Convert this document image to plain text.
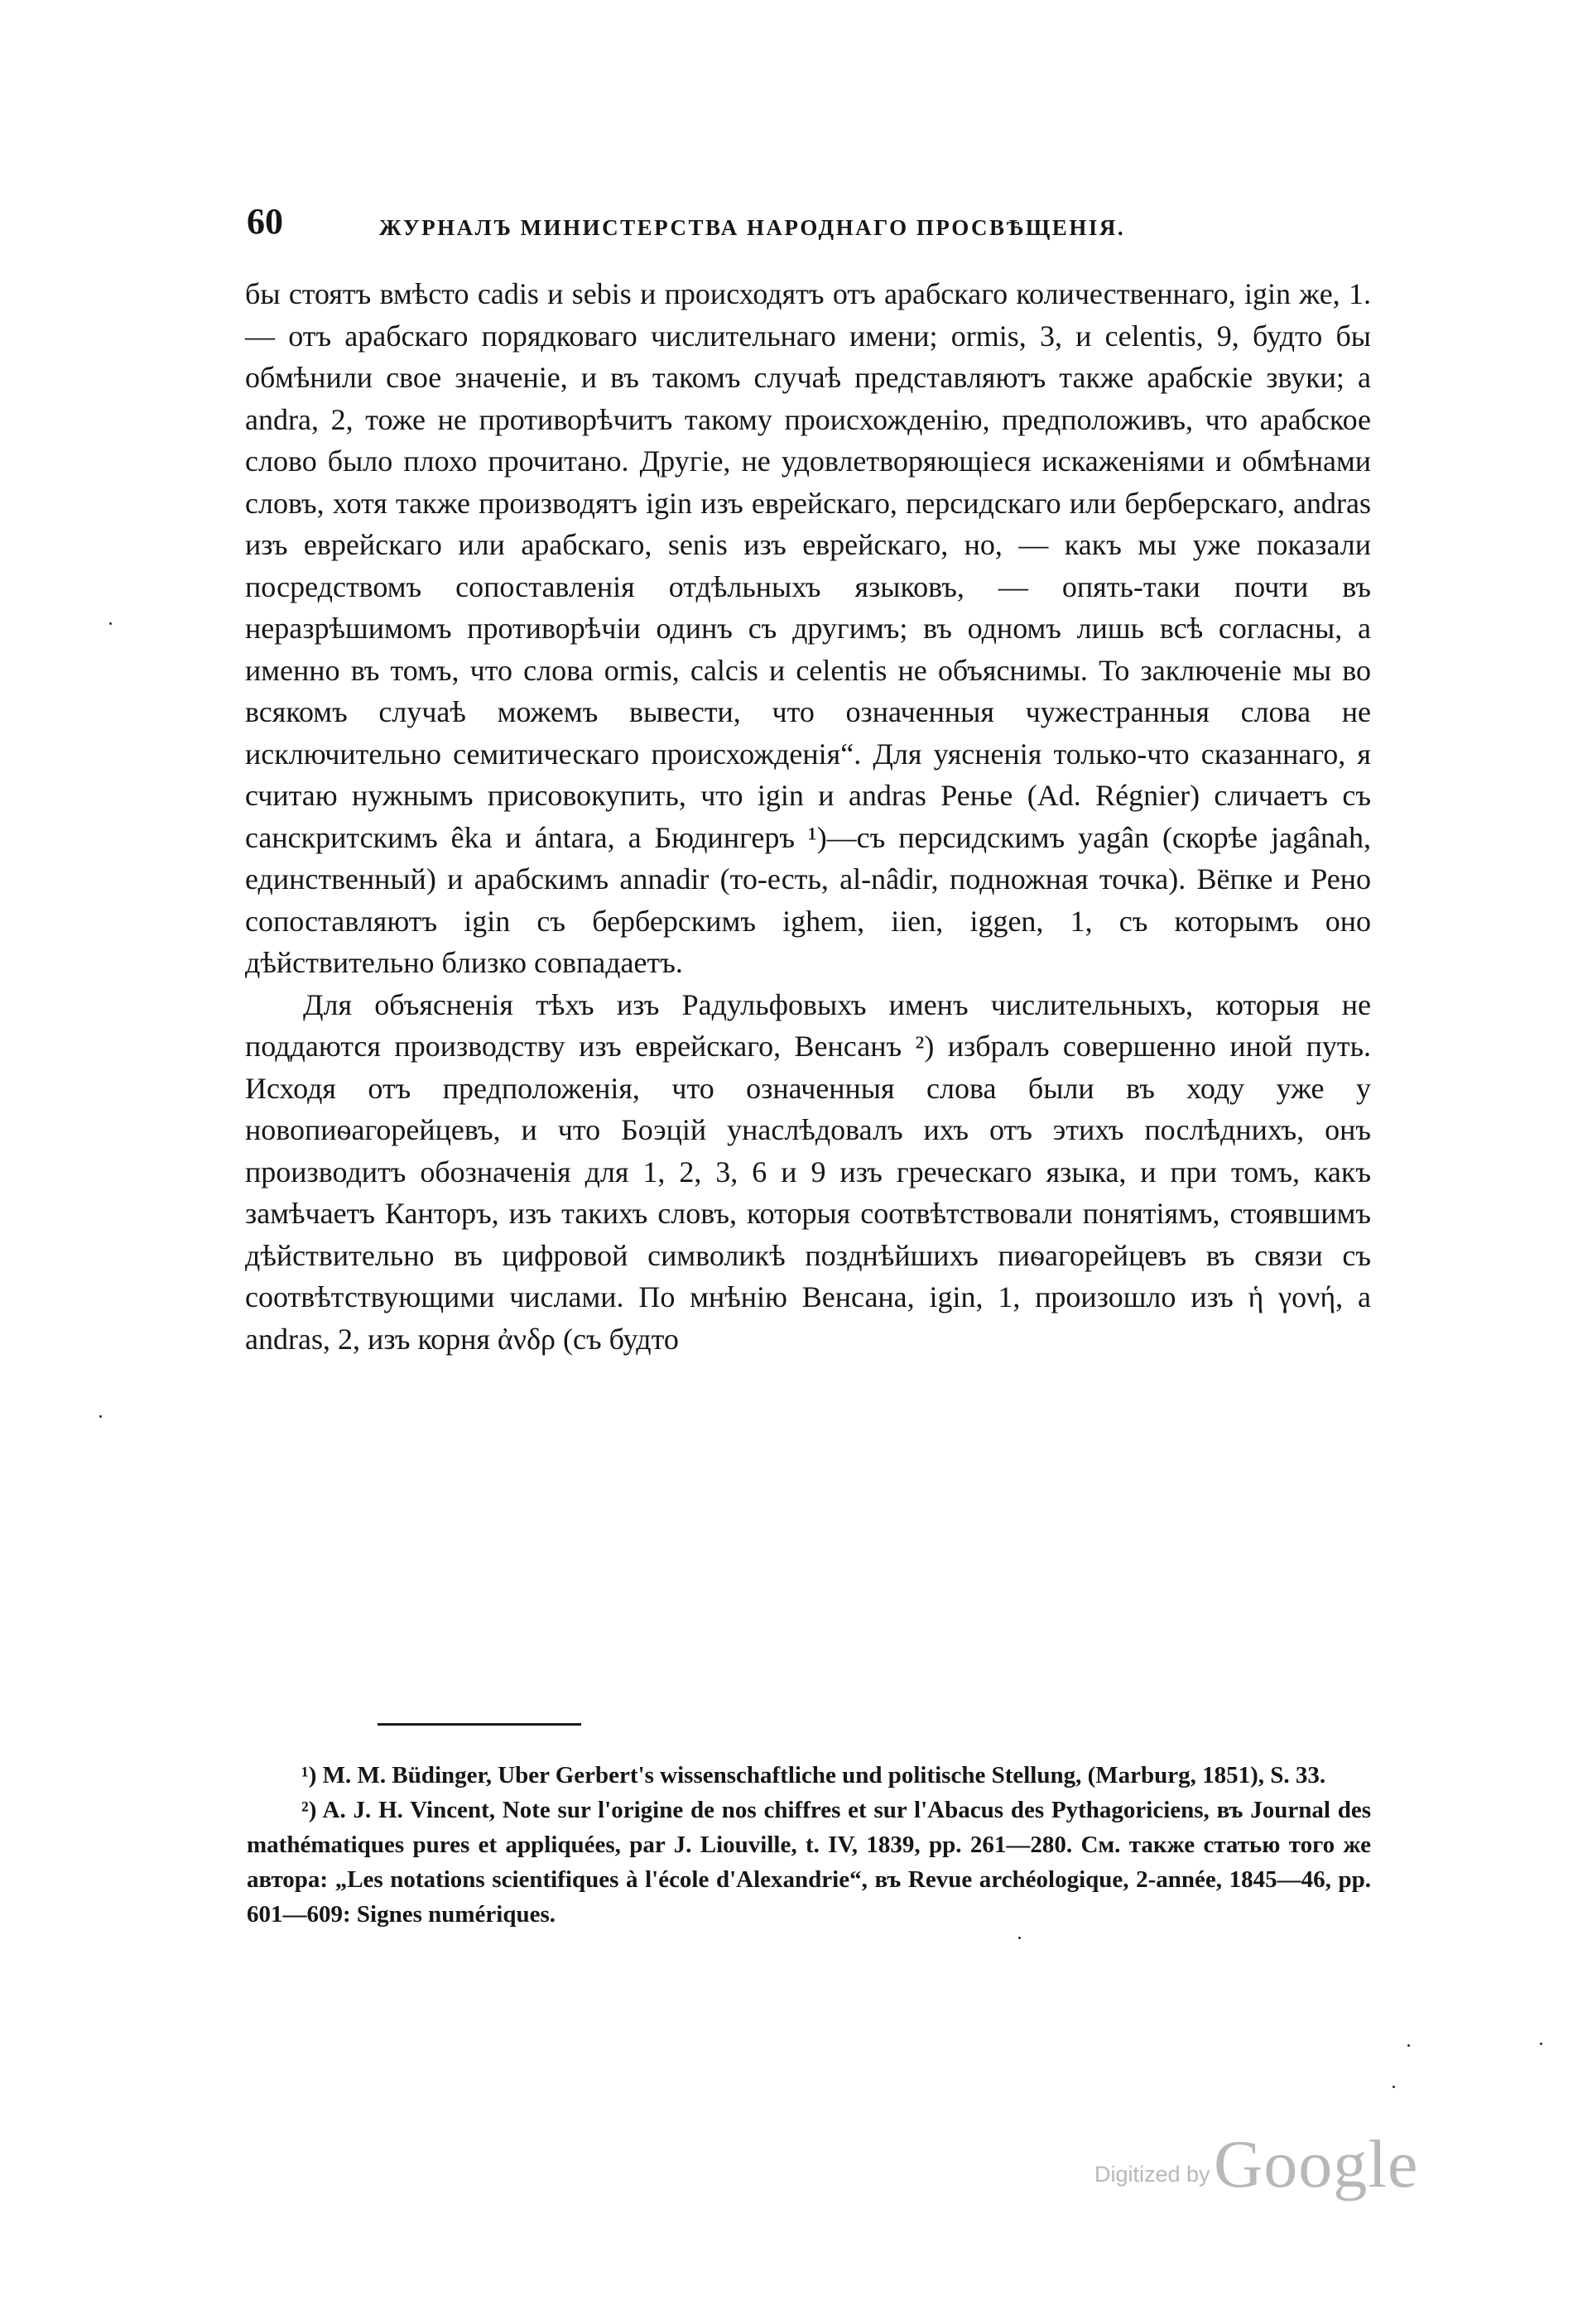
60	ЖУРНАЛЪ МИНИСТЕРСТВА НАРОДНАГО ПРОСВѢЩЕНІЯ.

бы стоятъ вмѣсто cadis и sebis и происходятъ отъ арабскаго количественнаго, igin же, 1. — отъ арабскаго порядковаго числительнаго имени; ormis, 3, и celentis, 9, будто бы обмѣнили свое значеніе, и въ такомъ случаѣ представляютъ также арабскіе звуки; а andra, 2, тоже не противорѣчитъ такому происхожденію, предположивъ, что арабское слово было плохо прочитано. Другіе, не удовлетворяющіеся искаженіями и обмѣнами словъ, хотя также производятъ igin изъ еврейскаго, персидскаго или берберскаго, andras изъ еврейскаго или арабскаго, senis изъ еврейскаго, но, — какъ мы уже показали посредствомъ сопоставленія отдѣльныхъ языковъ, — опять-таки почти въ неразрѣшимомъ противорѣчіи одинъ съ другимъ; въ одномъ лишь всѣ согласны, а именно въ томъ, что слова ormis, calcis и celentis не объяснимы. То заключеніе мы во всякомъ случаѣ можемъ вывести, что означенныя чужестранныя слова не исключительно семитическаго происхожденія“. Для уясненія только-что сказаннаго, я считаю нужнымъ присовокупить, что igin и andras Ренье (Ad. Régnier) сличаетъ съ санскритскимъ êka и ántara, а Бюдингеръ ¹)—съ персидскимъ yagân (скорѣе jagânah, единственный) и арабскимъ annadir (то-есть, al-nâdir, подножная точка). Вёпке и Рено сопоставляютъ igin съ берберскимъ ighem, iien, iggen, 1, съ которымъ оно дѣйствительно близко совпадаетъ.

Для объясненія тѣхъ изъ Радульфовыхъ именъ числительныхъ, которыя не поддаются производству изъ еврейскаго, Венсанъ ²) избралъ совершенно иной путь. Исходя отъ предположенія, что означенныя слова были въ ходу уже у новопиѳагорейцевъ, и что Боэцій унаслѣдовалъ ихъ отъ этихъ послѣднихъ, онъ производитъ обозначенія для 1, 2, 3, 6 и 9 изъ греческаго языка, и при томъ, какъ замѣчаетъ Канторъ, изъ такихъ словъ, которыя соотвѣтствовали понятіямъ, стоявшимъ дѣйствительно въ цифровой символикѣ позднѣйшихъ пиѳагорейцевъ въ связи съ соотвѣтствующими числами. По мнѣнію Венсана, igin, 1, произошло изъ ἡ γονή, а andras, 2, изъ корня ἀνδρ (съ будто

¹) M. M. Büdinger, Uber Gerbert's wissenschaftliche und politische Stellung, (Marburg, 1851), S. 33.

²) A. J. H. Vincent, Note sur l'origine de nos chiffres et sur l'Abacus des Pythagoriciens, въ Journal des mathématiques pures et appliquées, par J. Liouville, t. IV, 1839, pp. 261—280. См. также статью того же автора: „Les notations scientifiques à l'école d'Alexandrie“, въ Revue archéologique, 2-année, 1845—46, pp. 601—609: Signes numériques.

Digitized by Google
